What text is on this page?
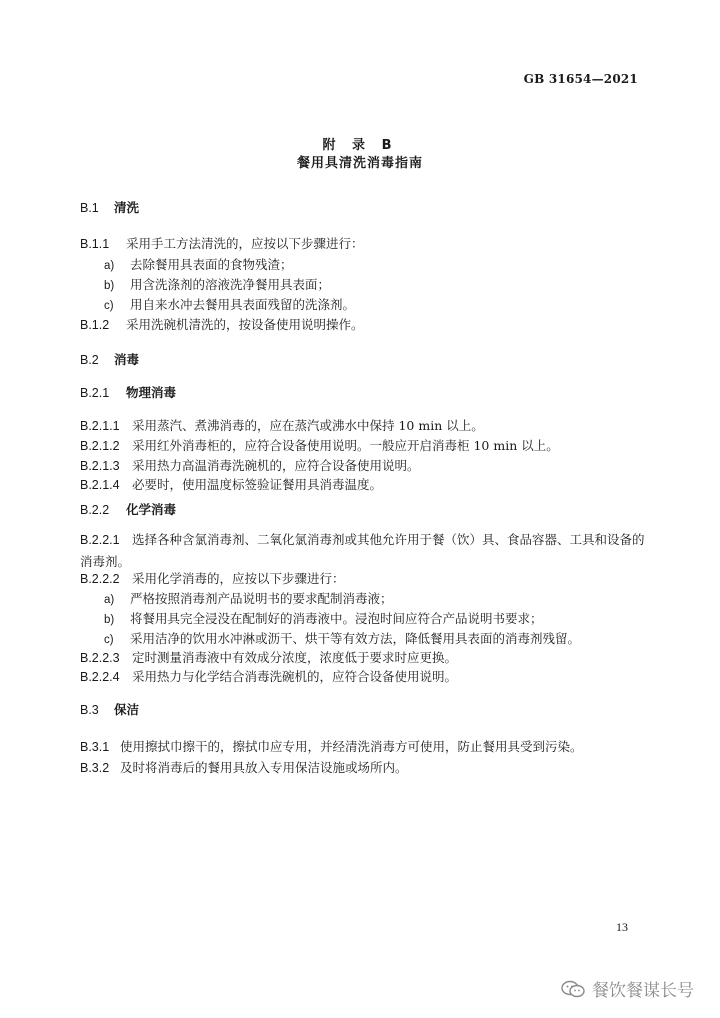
GB 31654—2021
附 录 B
餐用具清洗消毒指南
B.1 清洗
B.1.1 采用手工方法清洗的，应按以下步骤进行：
a) 去除餐用具表面的食物残渣；
b) 用含洗涤剂的溶液洗净餐用具表面；
c) 用自来水冲去餐用具表面残留的洗涤剂。
B.1.2 采用洗碗机清洗的，按设备使用说明操作。
B.2 消毒
B.2.1 物理消毒
B.2.1.1 采用蒸汽、煮沸消毒的，应在蒸汽或沸水中保持 10 min 以上。
B.2.1.2 采用红外消毒柜的，应符合设备使用说明。一般应开启消毒柜 10 min 以上。
B.2.1.3 采用热力高温消毒洗碗机的，应符合设备使用说明。
B.2.1.4 必要时，使用温度标签验证餐用具消毒温度。
B.2.2 化学消毒
B.2.2.1 选择各种含氯消毒剂、二氧化氯消毒剂或其他允许用于餐（饮）具、食品容器、工具和设备的消毒剂。
B.2.2.2 采用化学消毒的，应按以下步骤进行：
a) 严格按照消毒剂产品说明书的要求配制消毒液；
b) 将餐用具完全浸没在配制好的消毒液中。浸泡时间应符合产品说明书要求；
c) 采用洁净的饮用水冲淋或沥干、烘干等有效方法，降低餐用具表面的消毒剂残留。
B.2.2.3 定时测量消毒液中有效成分浓度，浓度低于要求时应更换。
B.2.2.4 采用热力与化学结合消毒洗碗机的，应符合设备使用说明。
B.3 保洁
B.3.1 使用擦拭巾擦干的，擦拭巾应专用，并经清洗消毒方可使用，防止餐用具受到污染。
B.3.2 及时将消毒后的餐用具放入专用保洁设施或场所内。
13
餐饮餐谋长号
